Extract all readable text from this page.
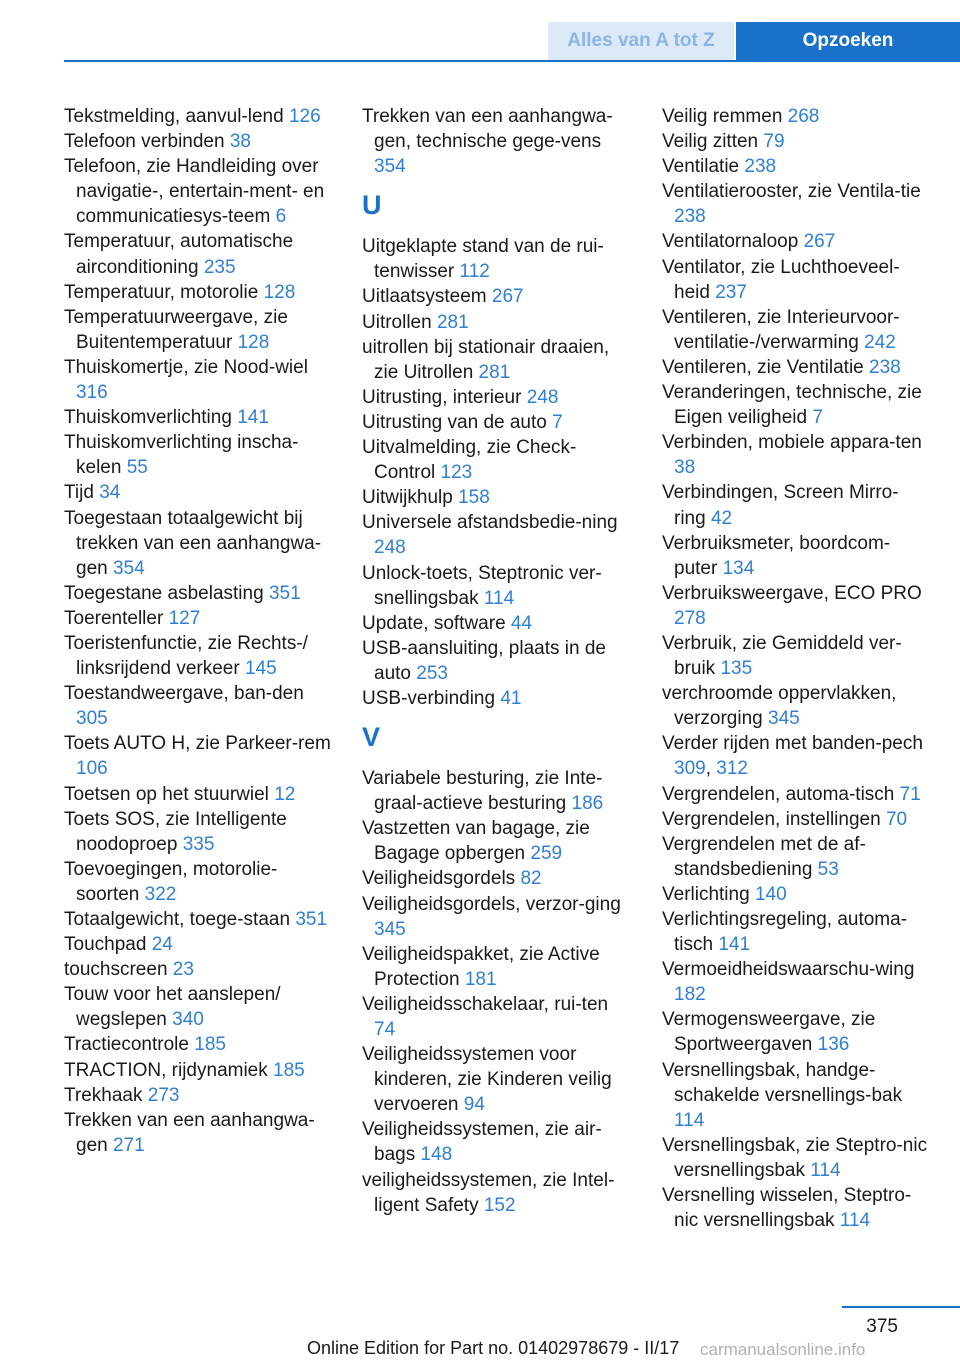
Alles van A tot Z	Opzoeken

Tekstmelding, aanvul-lend 126

Telefoon verbinden 38

Telefoon, zie Handleiding over navigatie-, entertain-ment- en communicatiesys-teem 6

Temperatuur, automatische airconditioning 235

Temperatuur, motorolie 128

Temperatuurweergave, zie Buitentemperatuur 128

Thuiskomertje, zie Nood-wiel 316

Thuiskomverlichting 141

Thuiskomverlichting inscha-kelen 55

Tijd 34

Toegestaan totaalgewicht bij trekken van een aanhangwa-gen 354

Toegestane asbelasting 351

Toerenteller 127

Toeristenfunctie, zie Rechts-/ linksrijdend verkeer 145

Toestandweergave, ban-den 305

Toets AUTO H, zie Parkeer-rem 106

Toetsen op het stuurwiel 12

Toets SOS, zie Intelligente noodoproep 335

Toevoegingen, motorolie-soorten 322

Totaalgewicht, toege-staan 351

Touchpad 24

touchscreen 23

Touw voor het aanslepen/ wegslepen 340

Tractiecontrole 185

TRACTION, rijdynamiek 185

Trekhaak 273

Trekken van een aanhangwa-gen 271

Trekken van een aanhangwa-gen, technische gege-vens 354

U

Uitgeklapte stand van de rui-tenwisser 112

Uitlaatsysteem 267

Uitrollen 281

uitrollen bij stationair draaien, zie Uitrollen 281

Uitrusting, interieur 248

Uitrusting van de auto 7

Uitvalmelding, zie Check-Control 123

Uitwijkhulp 158

Universele afstandsbedie-ning 248

Unlock-toets, Steptronic ver-snellingsbak 114

Update, software 44

USB-aansluiting, plaats in de auto 253

USB-verbinding 41

V

Variabele besturing, zie Inte-graal-actieve besturing 186

Vastzetten van bagage, zie Bagage opbergen 259

Veiligheidsgordels 82

Veiligheidsgordels, verzor-ging 345

Veiligheidspakket, zie Active Protection 181

Veiligheidsschakelaar, rui-ten 74

Veiligheidssystemen voor kinderen, zie Kinderen veilig vervoeren 94

Veiligheidssystemen, zie air-bags 148

veiligheidssystemen, zie Intel-ligent Safety 152

Veilig remmen 268

Veilig zitten 79

Ventilatie 238

Ventilatierooster, zie Ventila-tie 238

Ventilatornaloop 267

Ventilator, zie Luchthoeveel-heid 237

Ventileren, zie Interieurvoor-ventilatie-/verwarming 242

Ventileren, zie Ventilatie 238

Veranderingen, technische, zie Eigen veiligheid 7

Verbinden, mobiele appara-ten 38

Verbindingen, Screen Mirro-ring 42

Verbruiksmeter, boordcom-puter 134

Verbruiksweergave, ECO PRO 278

Verbruik, zie Gemiddeld ver-bruik 135

verchroomde oppervlakken, verzorging 345

Verder rijden met banden-pech 309, 312

Vergrendelen, automa-tisch 71

Vergrendelen, instellingen 70

Vergrendelen met de af-standsbediening 53

Verlichting 140

Verlichtingsregeling, automa-tisch 141

Vermoeidheidswaarschu-wing 182

Vermogensweergave, zie Sportweergaven 136

Versnellingsbak, handge-schakelde versnellings-bak 114

Versnellingsbak, zie Steptro-nic versnellingsbak 114

Versnelling wisselen, Steptro-nic versnellingsbak 114

375
Online Edition for Part no. 01402978679 - II/17 carmanualsonline.info
